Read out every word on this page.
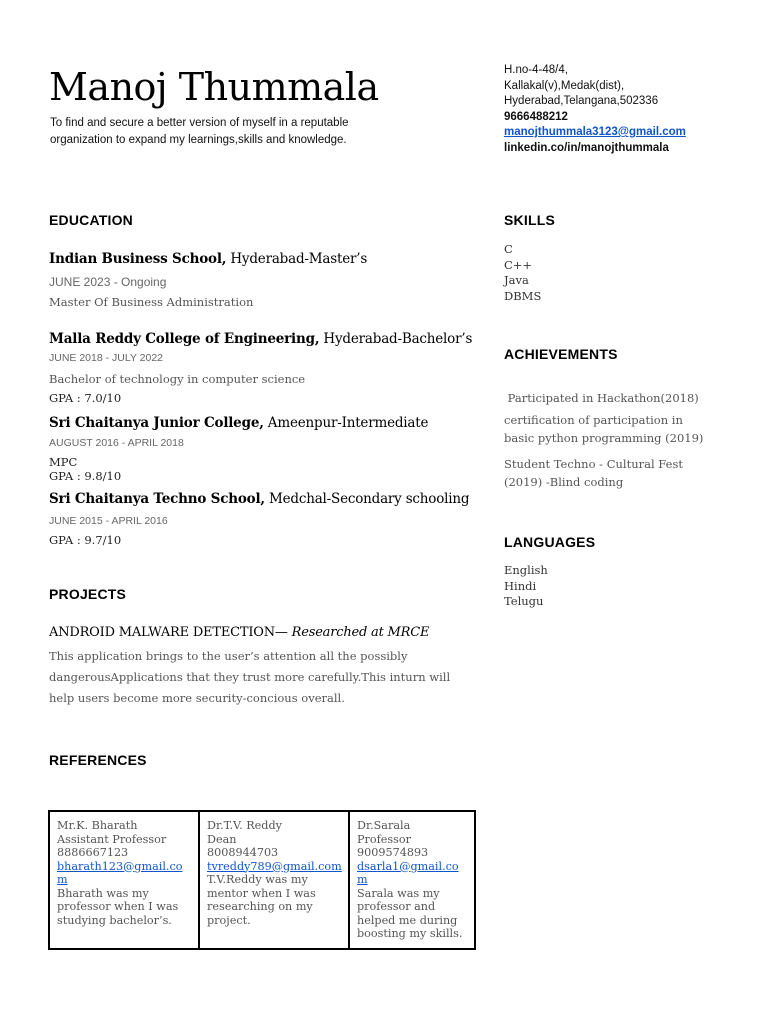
Manoj Thummala
To find and secure a better version of myself in a reputable organization to expand my learnings,skills and knowledge.
H.no-4-48/4,
Kallakal(v),Medak(dist),
Hyderabad,Telangana,502336
9666488212
manojthummala3123@gmail.com
linkedin.co/in/manojthummala
EDUCATION
Indian Business School, Hyderabad-Master’s
JUNE 2023 - Ongoing
Master Of Business Administration
Malla Reddy College of Engineering, Hyderabad-Bachelor’s
JUNE 2018 - JULY 2022
Bachelor of technology in computer science
GPA : 7.0/10
Sri Chaitanya Junior College, Ameenpur-Intermediate
AUGUST 2016 - APRIL 2018
MPC
GPA : 9.8/10
Sri Chaitanya Techno School, Medchal-Secondary schooling
JUNE 2015 - APRIL 2016
GPA : 9.7/10
PROJECTS
ANDROID MALWARE DETECTION— Researched at MRCE
This application brings to the user’s attention all the possibly dangerousApplications that they trust more carefully.This inturn will help users become more security-concious overall.
REFERENCES
Mr.K. Bharath
Assistant Professor
8886667123
bharath123@gmail.com
Bharath was my professor when I was studying bachelor’s.
Dr.T.V. Reddy
Dean
8008944703
tvreddy789@gmail.com
T.V.Reddy was my mentor when I was researching on my project.
Dr.Sarala
Professor
9009574893
dsarla1@gmail.com
Sarala was my professor and helped me during boosting my skills.
SKILLS
C
C++
Java
DBMS
ACHIEVEMENTS
Participated in Hackathon(2018)
certification of participation in basic python programming (2019)
Student Techno - Cultural Fest (2019) -Blind coding
LANGUAGES
English
Hindi
Telugu
